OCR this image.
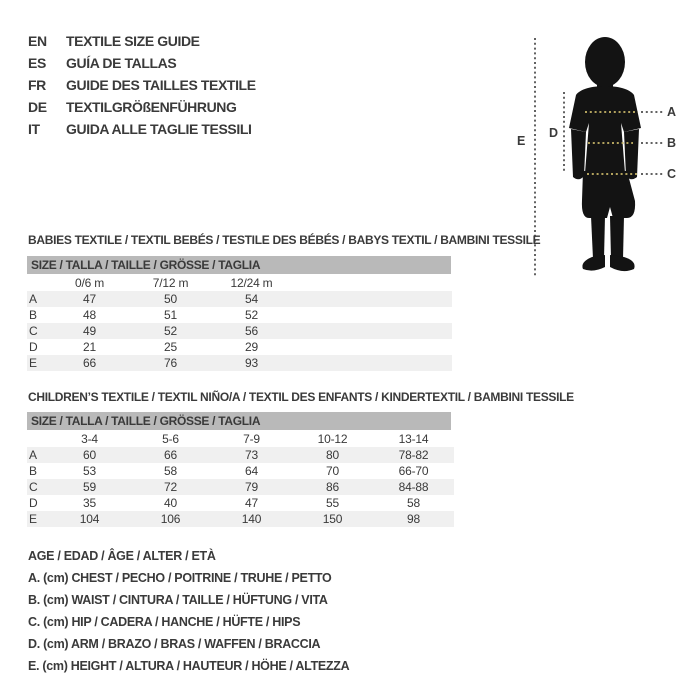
EN TEXTILE SIZE GUIDE
ES GUÍA DE TALLAS
FR GUIDE DES TAILLES TEXTILE
DE TEXTILGRÖßENFÜHRUNG
IT GUIDA ALLE TAGLIE TESSILI
A
B
C
D
E
BABIES TEXTILE / TEXTIL BEBÉS / TESTILE DES BÉBÉS / BABYS TEXTIL / BAMBINI TESSILE
SIZE / TALLA / TAILLE / GRÖSSE / TAGLIA
	0/6 m	7/12 m	12/24 m	
A	47	50	54	
B	48	51	52	
C	49	52	56	
D	21	25	29	
E	66	76	93	
CHILDREN’S TEXTILE / TEXTIL NIÑO/A / TEXTIL DES ENFANTS / KINDERTEXTIL / BAMBINI TESSILE
SIZE / TALLA / TAILLE / GRÖSSE / TAGLIA
	3-4	5-6	7-9	10-12	13-14
A	60	66	73	80	78-82
B	53	58	64	70	66-70
C	59	72	79	86	84-88
D	35	40	47	55	58
E	104	106	140	150	98
AGE / EDAD / ÂGE / ALTER / ETÀ
A. (cm) CHEST / PECHO / POITRINE / TRUHE / PETTO
B. (cm) WAIST / CINTURA / TAILLE / HÜFTUNG / VITA
C. (cm) HIP / CADERA / HANCHE / HÜFTE / HIPS
D. (cm) ARM / BRAZO / BRAS / WAFFEN / BRACCIA
E. (cm) HEIGHT / ALTURA / HAUTEUR / HÖHE / ALTEZZA
